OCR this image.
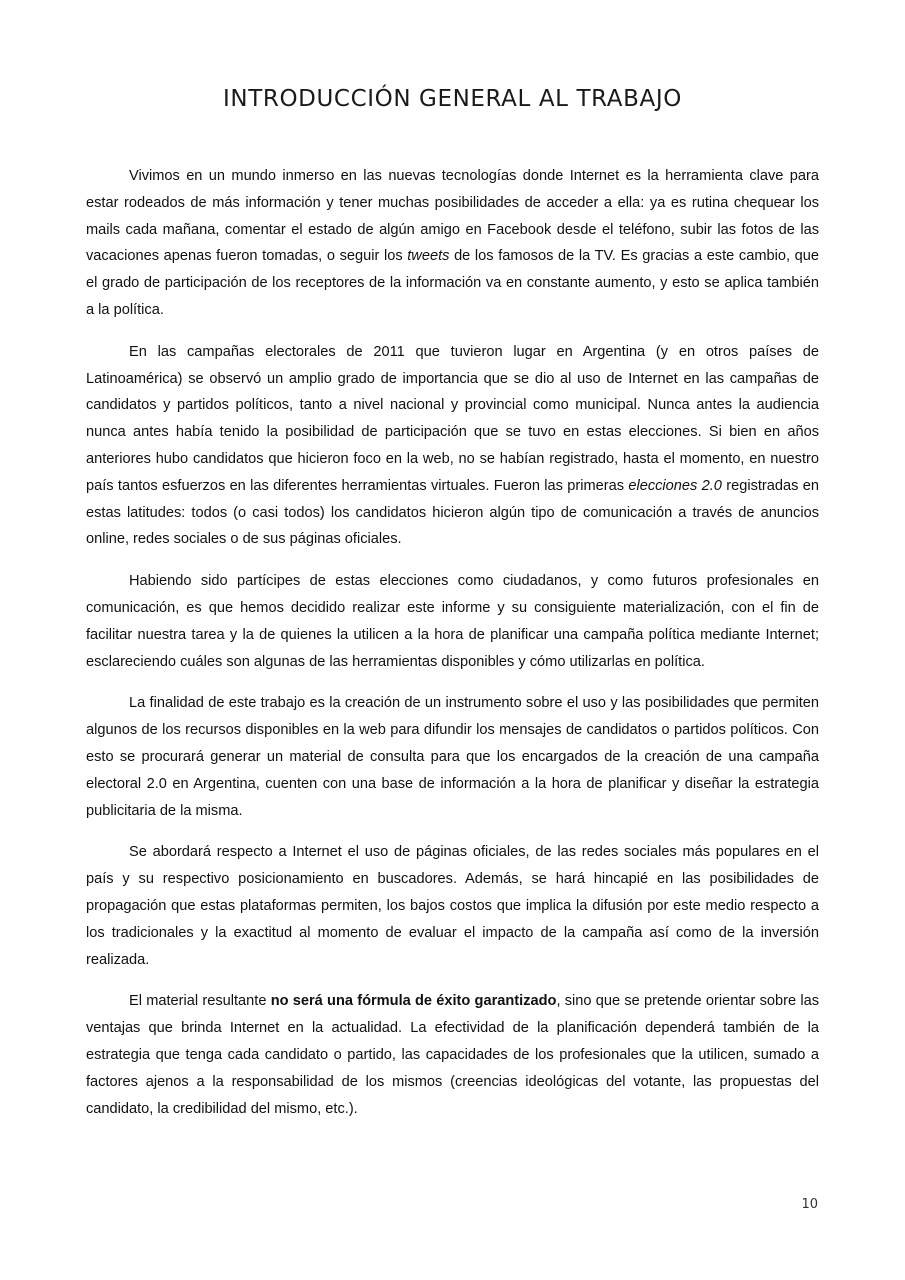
INTRODUCCIÓN GENERAL AL TRABAJO

Vivimos en un mundo inmerso en las nuevas tecnologías donde Internet es la herramienta clave para estar rodeados de más información y tener muchas posibilidades de acceder a ella: ya es rutina chequear los mails cada mañana, comentar el estado de algún amigo en Facebook desde el teléfono, subir las fotos de las vacaciones apenas fueron tomadas, o seguir los tweets de los famosos de la TV. Es gracias a este cambio, que el grado de participación de los receptores de la información va en constante aumento, y esto se aplica también a la política.

En las campañas electorales de 2011 que tuvieron lugar en Argentina (y en otros países de Latinoamérica) se observó un amplio grado de importancia que se dio al uso de Internet en las campañas de candidatos y partidos políticos, tanto a nivel nacional y provincial como municipal. Nunca antes la audiencia nunca antes había tenido la posibilidad de participación que se tuvo en estas elecciones. Si bien en años anteriores hubo candidatos que hicieron foco en la web, no se habían registrado, hasta el momento, en nuestro país tantos esfuerzos en las diferentes herramientas virtuales. Fueron las primeras elecciones 2.0 registradas en estas latitudes: todos (o casi todos) los candidatos hicieron algún tipo de comunicación a través de anuncios online, redes sociales o de sus páginas oficiales.

Habiendo sido partícipes de estas elecciones como ciudadanos, y como futuros profesionales en comunicación, es que hemos decidido realizar este informe y su consiguiente materialización, con el fin de facilitar nuestra tarea y la de quienes la utilicen a la hora de planificar una campaña política mediante Internet; esclareciendo cuáles son algunas de las herramientas disponibles y cómo utilizarlas en política.

La finalidad de este trabajo es la creación de un instrumento sobre el uso y las posibilidades que permiten algunos de los recursos disponibles en la web para difundir los mensajes de candidatos o partidos políticos. Con esto se procurará generar un material de consulta para que los encargados de la creación de una campaña electoral 2.0 en Argentina, cuenten con una base de información a la hora de planificar y diseñar la estrategia publicitaria de la misma.

Se abordará respecto a Internet el uso de páginas oficiales, de las redes sociales más populares en el país y su respectivo posicionamiento en buscadores. Además, se hará hincapié en las posibilidades de propagación que estas plataformas permiten, los bajos costos que implica la difusión por este medio respecto a los tradicionales y la exactitud al momento de evaluar el impacto de la campaña así como de la inversión realizada.

El material resultante no será una fórmula de éxito garantizado, sino que se pretende orientar sobre las ventajas que brinda Internet en la actualidad. La efectividad de la planificación dependerá también de la estrategia que tenga cada candidato o partido, las capacidades de los profesionales que la utilicen, sumado a factores ajenos a la responsabilidad de los mismos (creencias ideológicas del votante, las propuestas del candidato, la credibilidad del mismo, etc.).

10
